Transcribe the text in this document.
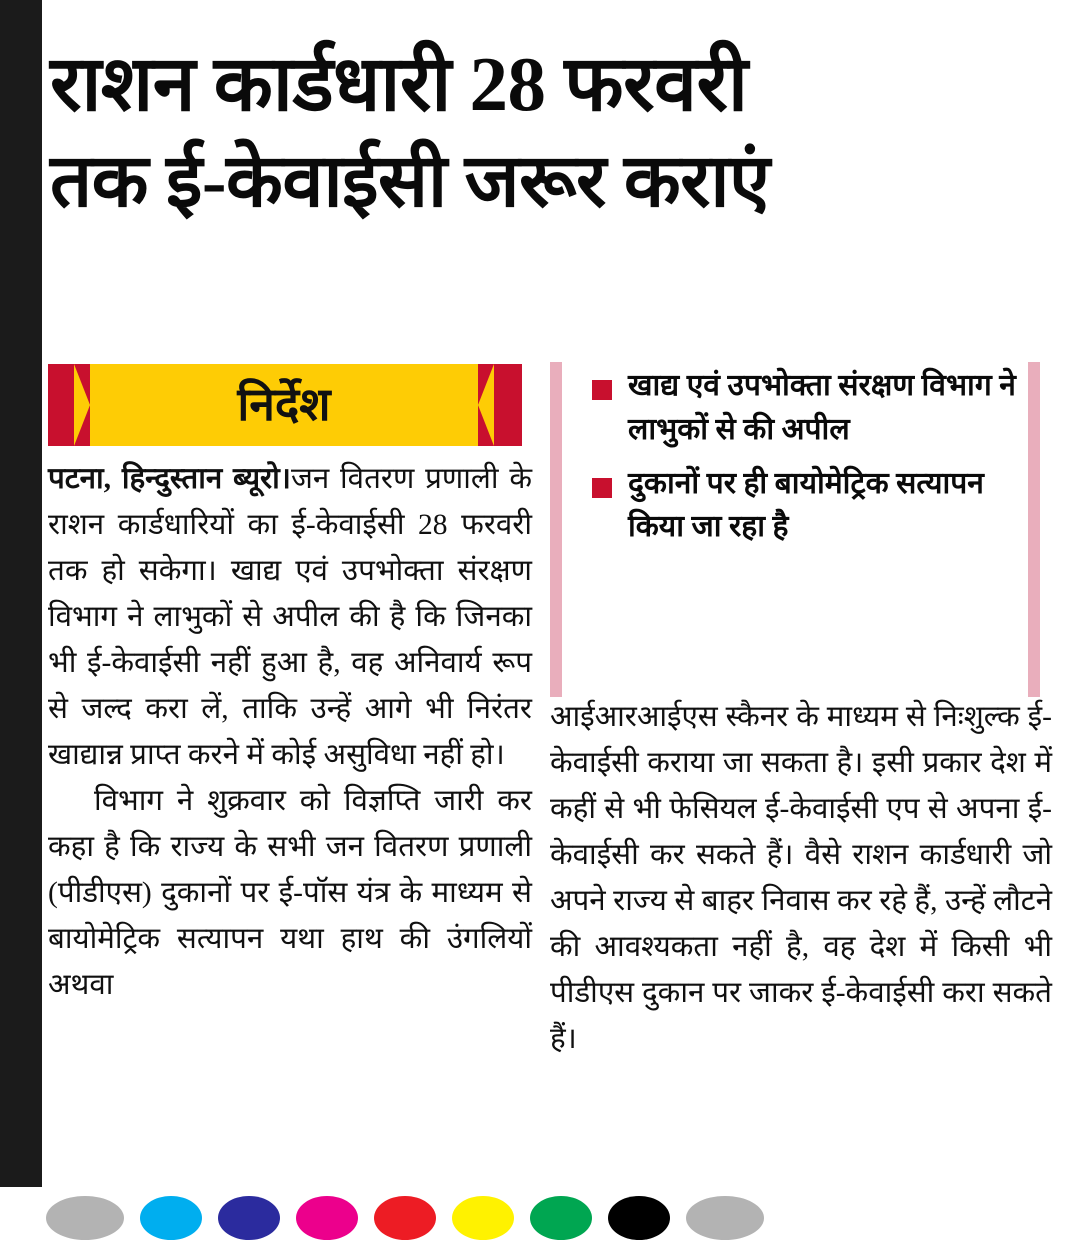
राशन कार्डधारी 28 फरवरी
तक ई-केवाईसी जरूर कराएं
निर्देश

पटना, हिन्दुस्तान ब्यूरो।जन वितरण प्रणाली के राशन कार्डधारियों का ई-केवाईसी 28 फरवरी तक हो सकेगा। खाद्य एवं उपभोक्ता संरक्षण विभाग ने लाभुकों से अपील की है कि जिनका भी ई-केवाईसी नहीं हुआ है, वह अनिवार्य रूप से जल्द करा लें, ताकि उन्हें आगे भी निरंतर खाद्यान्न प्राप्त करने में कोई असुविधा नहीं हो।

विभाग ने शुक्रवार को विज्ञप्ति जारी कर कहा है कि राज्य के सभी जन वितरण प्रणाली (पीडीएस) दुकानों पर ई-पॉस यंत्र के माध्यम से बायोमेट्रिक सत्यापन यथा हाथ की उंगलियों अथवा

खाद्य एवं उपभोक्ता संरक्षण विभाग ने लाभुकों से की अपील
दुकानों पर ही बायोमेट्रिक सत्यापन किया जा रहा है

आईआरआईएस स्कैनर के माध्यम से निःशुल्क ई-केवाईसी कराया जा सकता है। इसी प्रकार देश में कहीं से भी फेसियल ई-केवाईसी एप से अपना ई-केवाईसी कर सकते हैं। वैसे राशन कार्डधारी जो अपने राज्य से बाहर निवास कर रहे हैं, उन्हें लौटने की आवश्यकता नहीं है, वह देश में किसी भी पीडीएस दुकान पर जाकर ई-केवाईसी करा सकते हैं।
